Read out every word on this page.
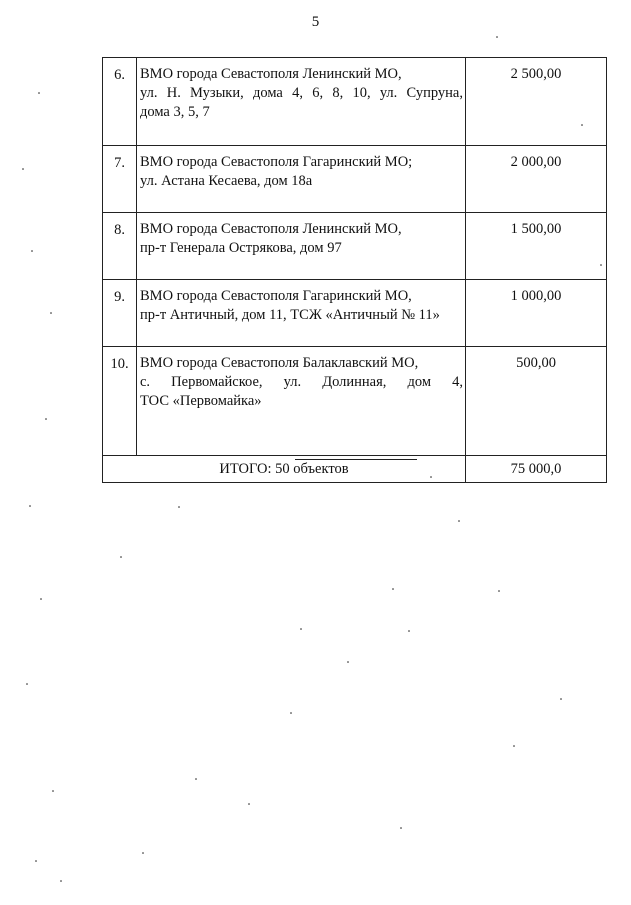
5
6.	ВМО города Севастополя Ленинский МО,
ул. Н. Музыки, дома 4, 6, 8, 10, ул. Супруна,
дома 3, 5, 7	2 500,00
7.	ВМО города Севастополя Гагаринский МО;
ул. Астана Кесаева, дом 18а	2 000,00
8.	ВМО города Севастополя Ленинский МО,
пр-т Генерала Острякова, дом 97	1 500,00
9.	ВМО города Севастополя Гагаринский МО,
пр-т Античный, дом 11, ТСЖ «Античный № 11»	1 000,00
10.	ВМО города Севастополя Балаклавский МО,
с. Первомайское, ул. Долинная, дом 4,
ТОС «Первомайка»	500,00
ИТОГО: 50 объектов		75 000,0
